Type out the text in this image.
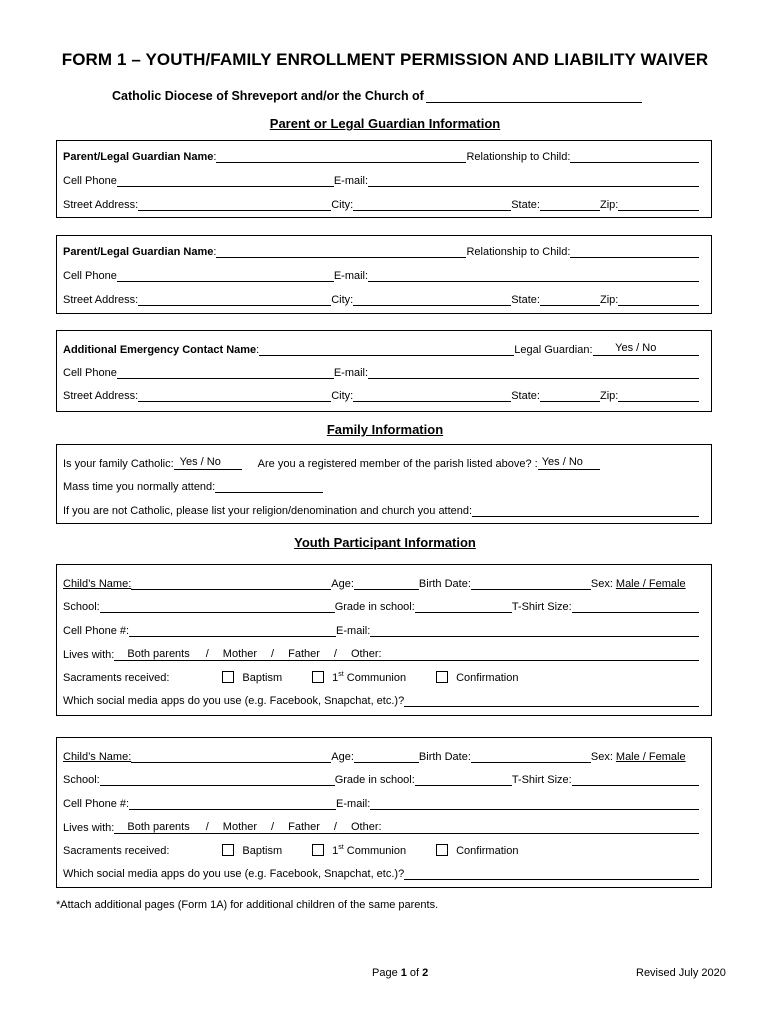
FORM 1 – YOUTH/FAMILY ENROLLMENT PERMISSION AND LIABILITY WAIVER
Catholic Diocese of Shreveport and/or the Church of
Parent or Legal Guardian Information
Parent/Legal Guardian Name :	Relationship to Child:
Cell Phone	E-mail:
Street Address:	City:	State:	Zip:
Parent/Legal Guardian Name :	Relationship to Child:
Cell Phone	E-mail:
Street Address:	City:	State:	Zip:
Additional Emergency Contact Name :	Legal Guardian:	Yes / No
Cell Phone	E-mail:
Street Address:	City:	State:	Zip:
Family Information
Is your family Catholic: Yes / No	Are you a registered member of the parish listed above? : Yes / No
Mass time you normally attend:
If you are not Catholic, please list your religion/denomination and church you attend:
Youth Participant Information
Child’s Name:	Age:	Birth Date:	Sex: Male / Female
School:	Grade in school:	T-Shirt Size:
Cell Phone #:	E-mail:
Lives with: Both parents / Mother / Father / Other:
Sacraments received:	Baptism	1st Communion	Confirmation
Which social media apps do you use (e.g. Facebook, Snapchat, etc.)?
Child’s Name:	Age:	Birth Date:	Sex: Male / Female
School:	Grade in school:	T-Shirt Size:
Cell Phone #:	E-mail:
Lives with: Both parents / Mother / Father / Other:
Sacraments received:	Baptism	1st Communion	Confirmation
Which social media apps do you use (e.g. Facebook, Snapchat, etc.)?
*Attach additional pages (Form 1A) for additional children of the same parents.
Page 1 of 2	Revised July 2020
